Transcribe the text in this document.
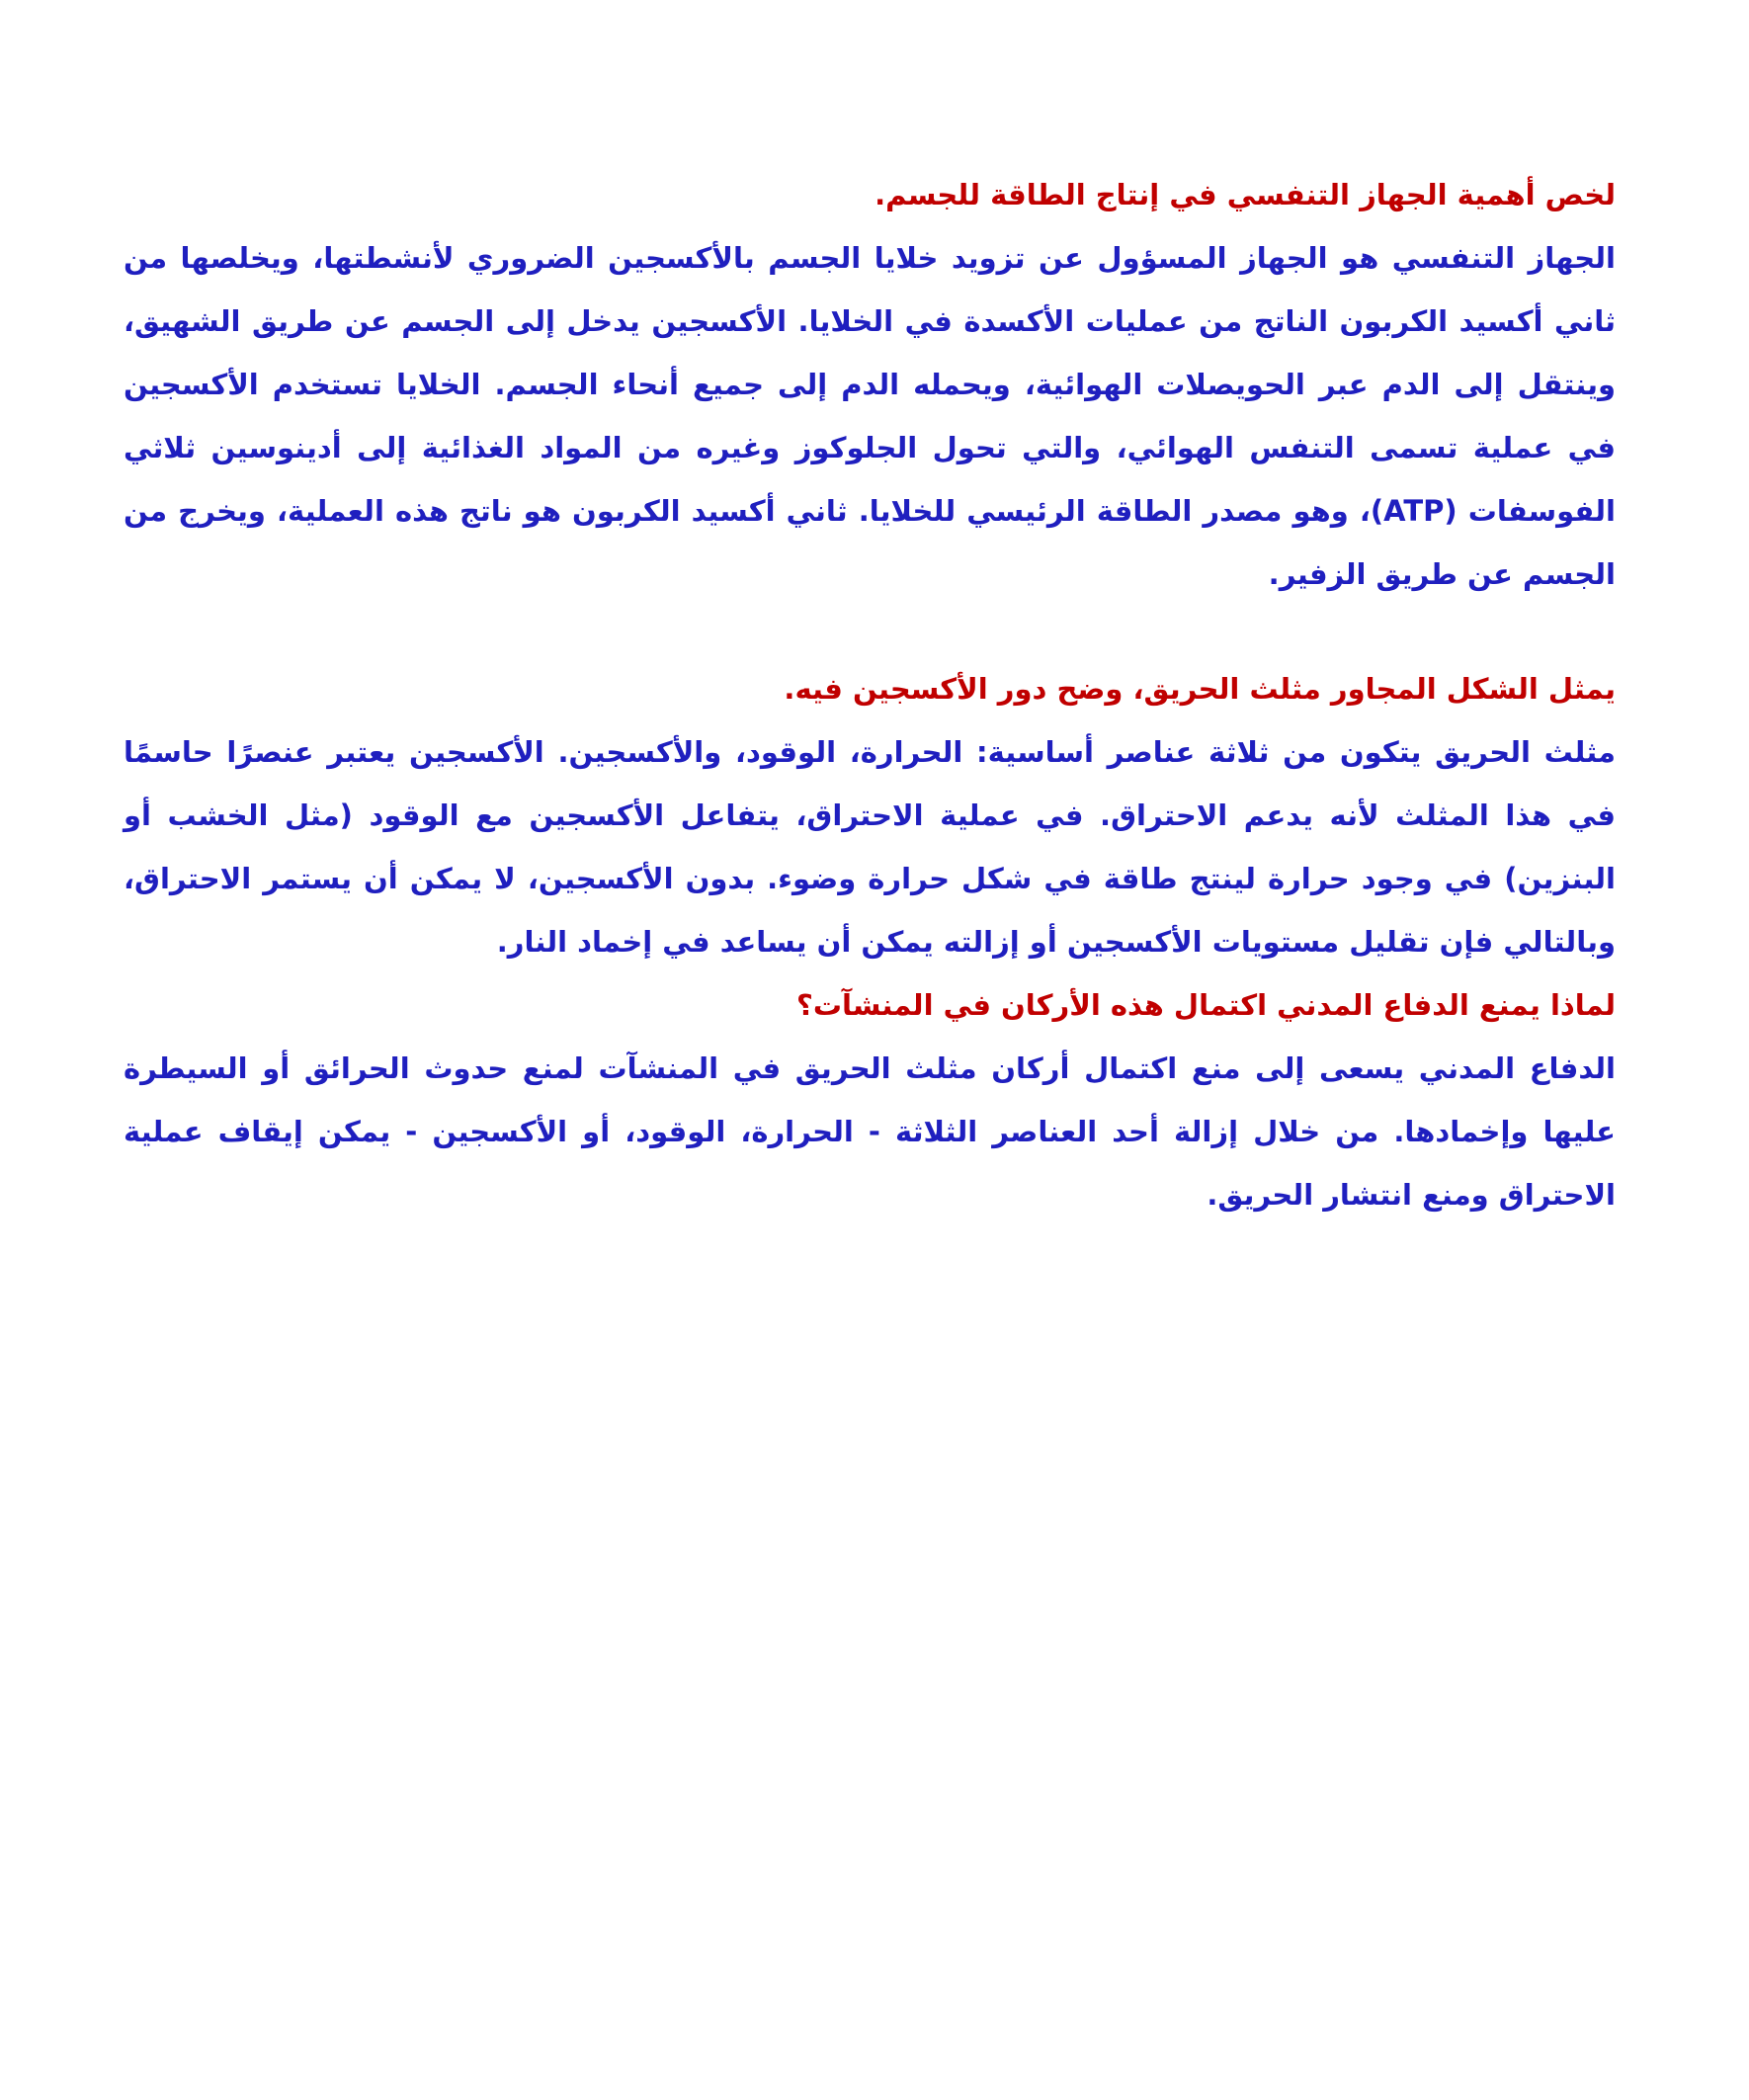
لخص أهمية الجهاز التنفسي في إنتاج الطاقة للجسم.

الجهاز التنفسي هو الجهاز المسؤول عن تزويد خلايا الجسم بالأكسجين الضروري لأنشطتها، ويخلصها من ثاني أكسيد الكربون الناتج من عمليات الأكسدة في الخلايا. الأكسجين يدخل إلى الجسم عن طريق الشهيق، وينتقل إلى الدم عبر الحويصلات الهوائية، ويحمله الدم إلى جميع أنحاء الجسم. الخلايا تستخدم الأكسجين في عملية تسمى التنفس الهوائي، والتي تحول الجلوكوز وغيره من المواد الغذائية إلى أدينوسين ثلاثي الفوسفات (ATP)، وهو مصدر الطاقة الرئيسي للخلايا. ثاني أكسيد الكربون هو ناتج هذه العملية، ويخرج من الجسم عن طريق الزفير.

يمثل الشكل المجاور مثلث الحريق، وضح دور الأكسجين فيه.

مثلث الحريق يتكون من ثلاثة عناصر أساسية: الحرارة، الوقود، والأكسجين. الأكسجين يعتبر عنصرًا حاسمًا في هذا المثلث لأنه يدعم الاحتراق. في عملية الاحتراق، يتفاعل الأكسجين مع الوقود (مثل الخشب أو البنزين) في وجود حرارة لينتج طاقة في شكل حرارة وضوء. بدون الأكسجين، لا يمكن أن يستمر الاحتراق، وبالتالي فإن تقليل مستويات الأكسجين أو إزالته يمكن أن يساعد في إخماد النار.

لماذا يمنع الدفاع المدني اكتمال هذه الأركان في المنشآت؟

الدفاع المدني يسعى إلى منع اكتمال أركان مثلث الحريق في المنشآت لمنع حدوث الحرائق أو السيطرة عليها وإخمادها. من خلال إزالة أحد العناصر الثلاثة - الحرارة، الوقود، أو الأكسجين - يمكن إيقاف عملية الاحتراق ومنع انتشار الحريق.
